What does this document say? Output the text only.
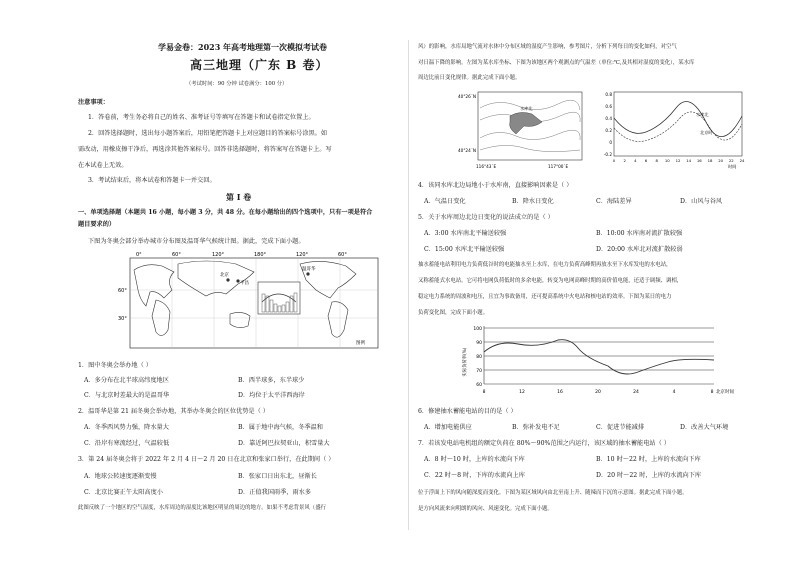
学易金卷：2023 年高考地理第一次模拟考试卷
高三地理（广东 B 卷）
（考试时间：90 分钟 试卷满分：100 分）
注意事项：
1．答卷前，考生务必将自己的姓名、准考证号等填写在答题卡和试卷指定位置上。
2．回答选择题时，选出每小题答案后，用铅笔把答题卡上对应题目的答案标号涂黑。如
需改动，用橡皮擦干净后，再选涂其他答案标号。回答非选择题时，将答案写在答题卡上。写
在本试卷上无效。
3．考试结束后，将本试卷和答题卡一并交回。
第 Ⅰ 卷
一、单项选择题（本题共 16 小题，每小题 3 分，共 48 分。在每小题给出的四个选项中，只有一项是符合
题目要求的）
下图为冬奥会部分举办城市分布图及温哥华气候统计图。据此，完成下面小题。
0°	60°	120°	180°	120°	60°
60°
30°
北京
温哥华
平昌
图例
1．图中冬奥会举办地（ ）
A．多分布在北半球高纬度地区	B．西半球多，东半球少
C．与北京时差最大的是温哥华	D．均位于太平洋西海岸
2．温哥华是第 21 届冬奥会举办地，其举办冬奥会的区位优势是（ ）
A．冬季西风势力强，降水量大	B．属于地中海气候，冬季温和
C．沿岸有寒流经过，气温较低	D．靠近阿巴拉契亚山，积雪量大
3．第 24 届冬奥会将于 2022 年 2 月 4 日～2 月 20 日在北京和张家口举行，在此期间（ ）
A．地球公转速度逐渐变慢	B．张家口日出东北，昼渐长
C．北京比赛正午太阳高度小	D．正值我国雨季，雨水多
此图反映了一个地区的空气湿度，水库周边的湿度比该地区明显的周边的地方。如果不考虑背景风（盛行
风）的影响，水库局地气流对水体中分布区域的湿度产生影响，参考图片，分析下列每日的变化如何，对空气
对日温下降的影响。左图为某水库坐标、下图为该地区两个观测点的气温差（单位:℃,及其相对湿度的变化），某水库
周边比前日变化规律。据此完成下面小题。
40°26´N
40°24´N
116°43´E	117°00´E
水库北
0.8
0.6
0.4
0.2
0
-0.2
水库北
北京时
时间
0 2 4 6 8 10 12 14 16 18 20 22 24
4．该同水库北边局地小于水库南，直接影响因素是（ ）
A．气温日变化	B．降水日变化	C．海陆差异	D．山风与谷风
5．关于水库周边北边日变化的说法成立的是（ ）
A．3:00 水库南北平输送较强	B．10:00 水库南对流扩散较强
C．15:00 水库北平输送较强	D．20:00 水库北对流扩散较弱
抽水蓄能电站利用电力负荷低谷时的电能抽水至上水库，在电力负荷高峰期再放水至下水库发电的水电站，
又称蓄能式水电站。它可将电网负荷低时的多余电能，转变为电网高峰时期的高价值电能，还适于调频、调相，
稳定电力系统的周波和电压，且宜为事故备用，还可提高系统中火电站和核电站的效率。下图为某日的电力
负荷变化图，完成下面小题。
100
90
80
70
60
实际负荷率(%)
8	12	16	20	24	4	8 北京时间
6．修建抽水蓄能电站的目的是（ ）
A．增加电能供应	B．弥补发电不足	C．促进节能减排	D．改善大气环境
7．若该发电站电机组的额定负荷在 80%～90%范围之内运行，该区域的抽水蓄能电站（ ）
A．8 时～10 时，上库的水流向下库	B．10 时～22 时，上库的水流向下库
C．22 时～8 时，下库的水流向上库	D．20 时～22 时，上库的水流向下库
位于浮面上下的风向随深度而变化。下图为某区域风向由北至南上升、随辣而下沉的示意图。据此完成下面小题。
是方向风流来向明朗的风向、风速变化。完成下面小题。
